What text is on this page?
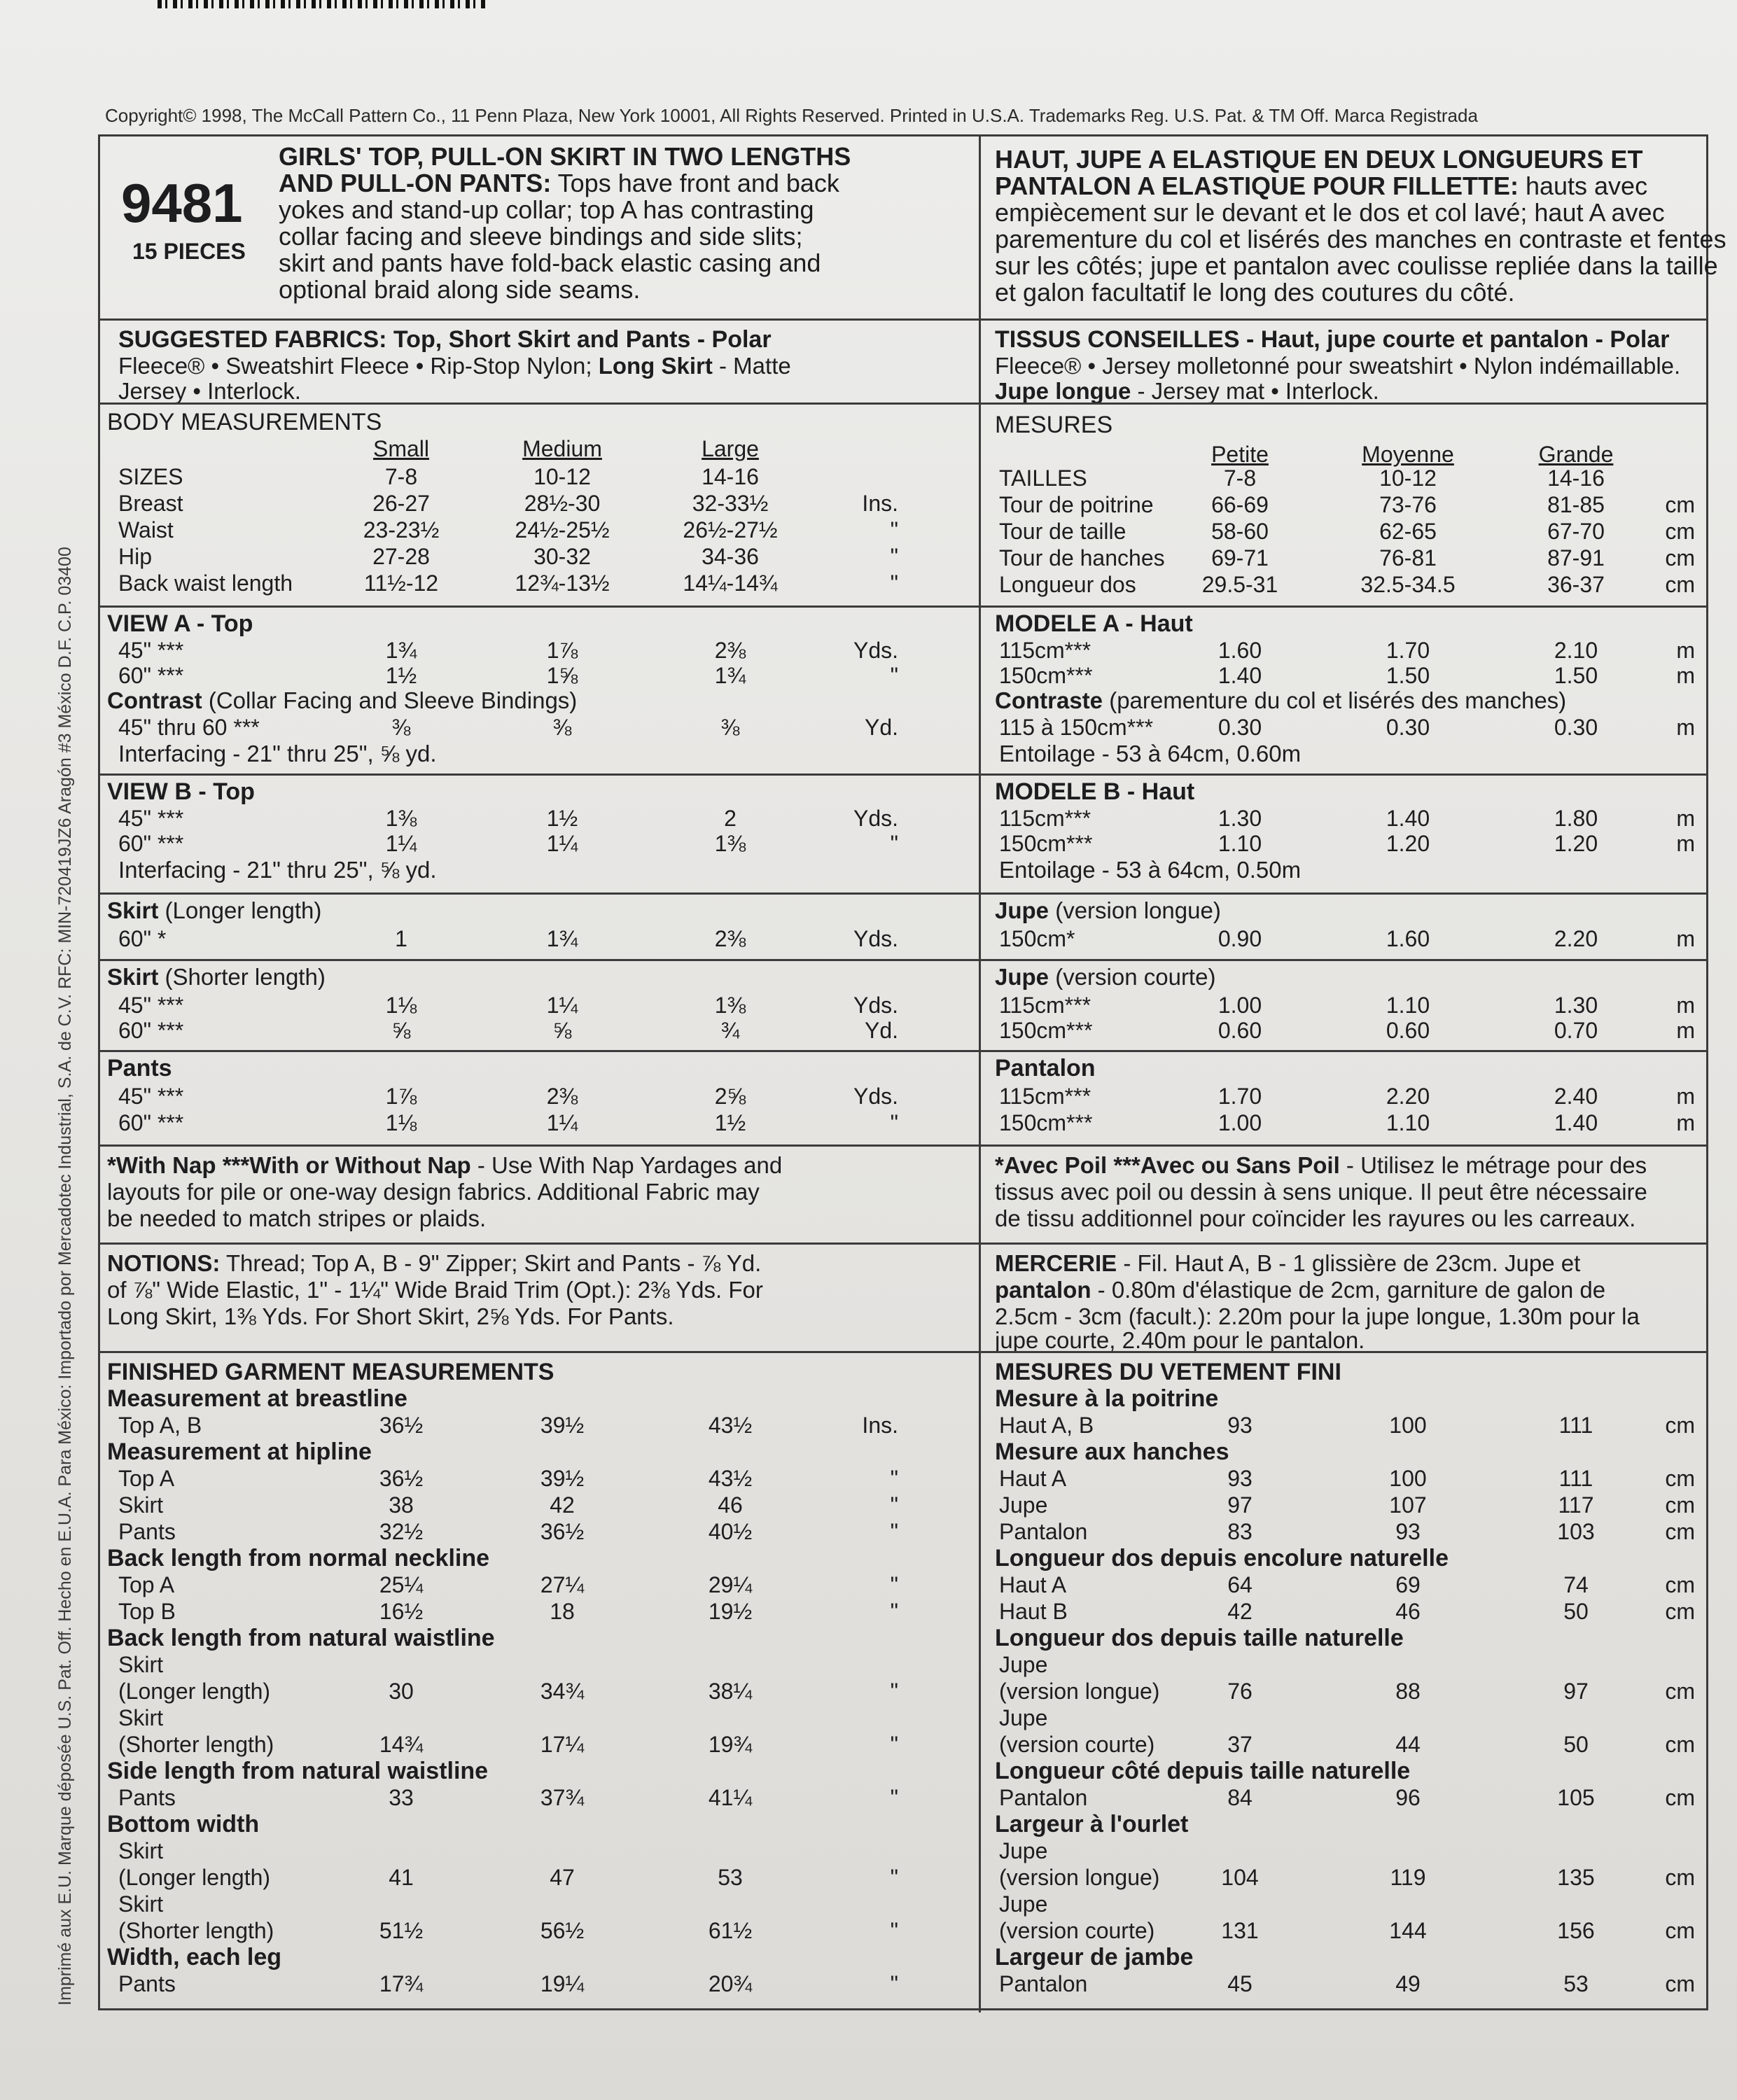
Imprimé aux E.U. Marque déposée U.S. Pat. Off. Hecho en E.U.A. Para México: Importado por Mercadotec Industrial, S.A. de C.V. RFC: MIN-720419JZ6 Aragón #3 México D.F. C.P. 03400
Copyright© 1998, The McCall Pattern Co., 11 Penn Plaza, New York 10001, All Rights Reserved. Printed in U.S.A. Trademarks Reg. U.S. Pat. & TM Off. Marca Registrada
9481
15 PIECES
GIRLS' TOP, PULL-ON SKIRT IN TWO LENGTHS
AND PULL-ON PANTS: Tops have front and back
yokes and stand-up collar; top A has contrasting
collar facing and sleeve bindings and side slits;
skirt and pants have fold-back elastic casing and
optional braid along side seams.
SUGGESTED FABRICS: Top, Short Skirt and Pants - Polar
Fleece® • Sweatshirt Fleece • Rip-Stop Nylon; Long Skirt - Matte
Jersey • Interlock.
BODY MEASUREMENTS
Small	Medium	Large
SIZES	7-8	10-12	14-16
Breast	26-27	28½-30	32-33½	Ins.
Waist	23-23½	24½-25½	26½-27½	"
Hip	27-28	30-32	34-36	"
Back waist length	11½-12	12¾-13½	14¼-14¾	"
VIEW A - Top
45" ***	1¾	1⅞	2⅜	Yds.
60" ***	1½	1⅝	1¾	"
Contrast (Collar Facing and Sleeve Bindings)
45" thru 60 ***	⅜	⅜	⅜	Yd.
Interfacing - 21" thru 25", ⅝ yd.
VIEW B - Top
45" ***	1⅜	1½	2	Yds.
60" ***	1¼	1¼	1⅜	"
Interfacing - 21" thru 25", ⅝ yd.
Skirt (Longer length)
60" *	1	1¾	2⅜	Yds.
Skirt (Shorter length)
45" ***	1⅛	1¼	1⅜	Yds.
60" ***	⅝	⅝	¾	Yd.
Pants
45" ***	1⅞	2⅜	2⅝	Yds.
60" ***	1⅛	1¼	1½	"
*With Nap ***With or Without Nap - Use With Nap Yardages and
layouts for pile or one-way design fabrics. Additional Fabric may
be needed to match stripes or plaids.
NOTIONS: Thread; Top A, B - 9" Zipper; Skirt and Pants - ⅞ Yd.
of ⅞" Wide Elastic, 1" - 1¼" Wide Braid Trim (Opt.): 2⅜ Yds. For
Long Skirt, 1⅜ Yds. For Short Skirt, 2⅝ Yds. For Pants.
FINISHED GARMENT MEASUREMENTS
Measurement at breastline
Top A, B	36½	39½	43½	Ins.
Measurement at hipline
Top A	36½	39½	43½	"
Skirt	38	42	46	"
Pants	32½	36½	40½	"
Back length from normal neckline
Top A	25¼	27¼	29¼	"
Top B	16½	18	19½	"
Back length from natural waistline
Skirt
(Longer length)	30	34¾	38¼	"
Skirt
(Shorter length)	14¾	17¼	19¾	"
Side length from natural waistline
Pants	33	37¾	41¼	"
Bottom width
Skirt
(Longer length)	41	47	53	"
Skirt
(Shorter length)	51½	56½	61½	"
Width, each leg
Pants	17¾	19¼	20¾	"
HAUT, JUPE A ELASTIQUE EN DEUX LONGUEURS ET
PANTALON A ELASTIQUE POUR FILLETTE: hauts avec
empiècement sur le devant et le dos et col lavé; haut A avec
parementure du col et lisérés des manches en contraste et fentes
sur les côtés; jupe et pantalon avec coulisse repliée dans la taille
et galon facultatif le long des coutures du côté.
TISSUS CONSEILLES - Haut, jupe courte et pantalon - Polar
Fleece® • Jersey molletonné pour sweatshirt • Nylon indémaillable.
Jupe longue - Jersey mat • Interlock.
MESURES
Petite	Moyenne	Grande
TAILLES	7-8	10-12	14-16
Tour de poitrine	66-69	73-76	81-85	cm
Tour de taille	58-60	62-65	67-70	cm
Tour de hanches	69-71	76-81	87-91	cm
Longueur dos	29.5-31	32.5-34.5	36-37	cm
MODELE A - Haut
115cm***	1.60	1.70	2.10	m
150cm***	1.40	1.50	1.50	m
Contraste (parementure du col et lisérés des manches)
115 à 150cm***	0.30	0.30	0.30	m
Entoilage - 53 à 64cm, 0.60m
MODELE B - Haut
115cm***	1.30	1.40	1.80	m
150cm***	1.10	1.20	1.20	m
Entoilage - 53 à 64cm, 0.50m
Jupe (version longue)
150cm*	0.90	1.60	2.20	m
Jupe (version courte)
115cm***	1.00	1.10	1.30	m
150cm***	0.60	0.60	0.70	m
Pantalon
115cm***	1.70	2.20	2.40	m
150cm***	1.00	1.10	1.40	m
*Avec Poil ***Avec ou Sans Poil - Utilisez le métrage pour des
tissus avec poil ou dessin à sens unique. Il peut être nécessaire
de tissu additionnel pour coïncider les rayures ou les carreaux.
MERCERIE - Fil. Haut A, B - 1 glissière de 23cm. Jupe et
pantalon - 0.80m d'élastique de 2cm, garniture de galon de
2.5cm - 3cm (facult.): 2.20m pour la jupe longue, 1.30m pour la
jupe courte, 2.40m pour le pantalon.
MESURES DU VETEMENT FINI
Mesure à la poitrine
Haut A, B	93	100	111	cm
Mesure aux hanches
Haut A	93	100	111	cm
Jupe	97	107	117	cm
Pantalon	83	93	103	cm
Longueur dos depuis encolure naturelle
Haut A	64	69	74	cm
Haut B	42	46	50	cm
Longueur dos depuis taille naturelle
Jupe
(version longue)	76	88	97	cm
Jupe
(version courte)	37	44	50	cm
Longueur côté depuis taille naturelle
Pantalon	84	96	105	cm
Largeur à l'ourlet
Jupe
(version longue)	104	119	135	cm
Jupe
(version courte)	131	144	156	cm
Largeur de jambe
Pantalon	45	49	53	cm
